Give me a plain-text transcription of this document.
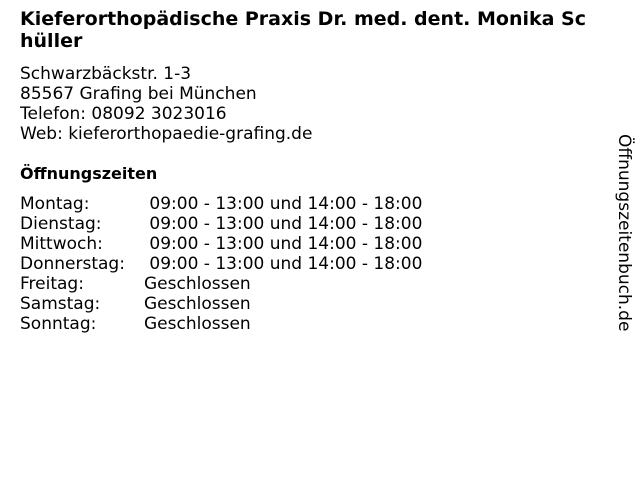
Kieferorthopädische Praxis Dr. med. dent. Monika Schüller
Schwarzbäckstr. 1-3
85567 Grafing bei München
Telefon: 08092 3023016
Web: kieferorthopaedie-grafing.de
Öffnungszeiten
Montag:	09:00 - 13:00 und 14:00 - 18:00
Dienstag:	09:00 - 13:00 und 14:00 - 18:00
Mittwoch:	09:00 - 13:00 und 14:00 - 18:00
Donnerstag:	09:00 - 13:00 und 14:00 - 18:00
Freitag:	Geschlossen
Samstag:	Geschlossen
Sonntag:	Geschlossen	Öffnungszeitenbuch.de
